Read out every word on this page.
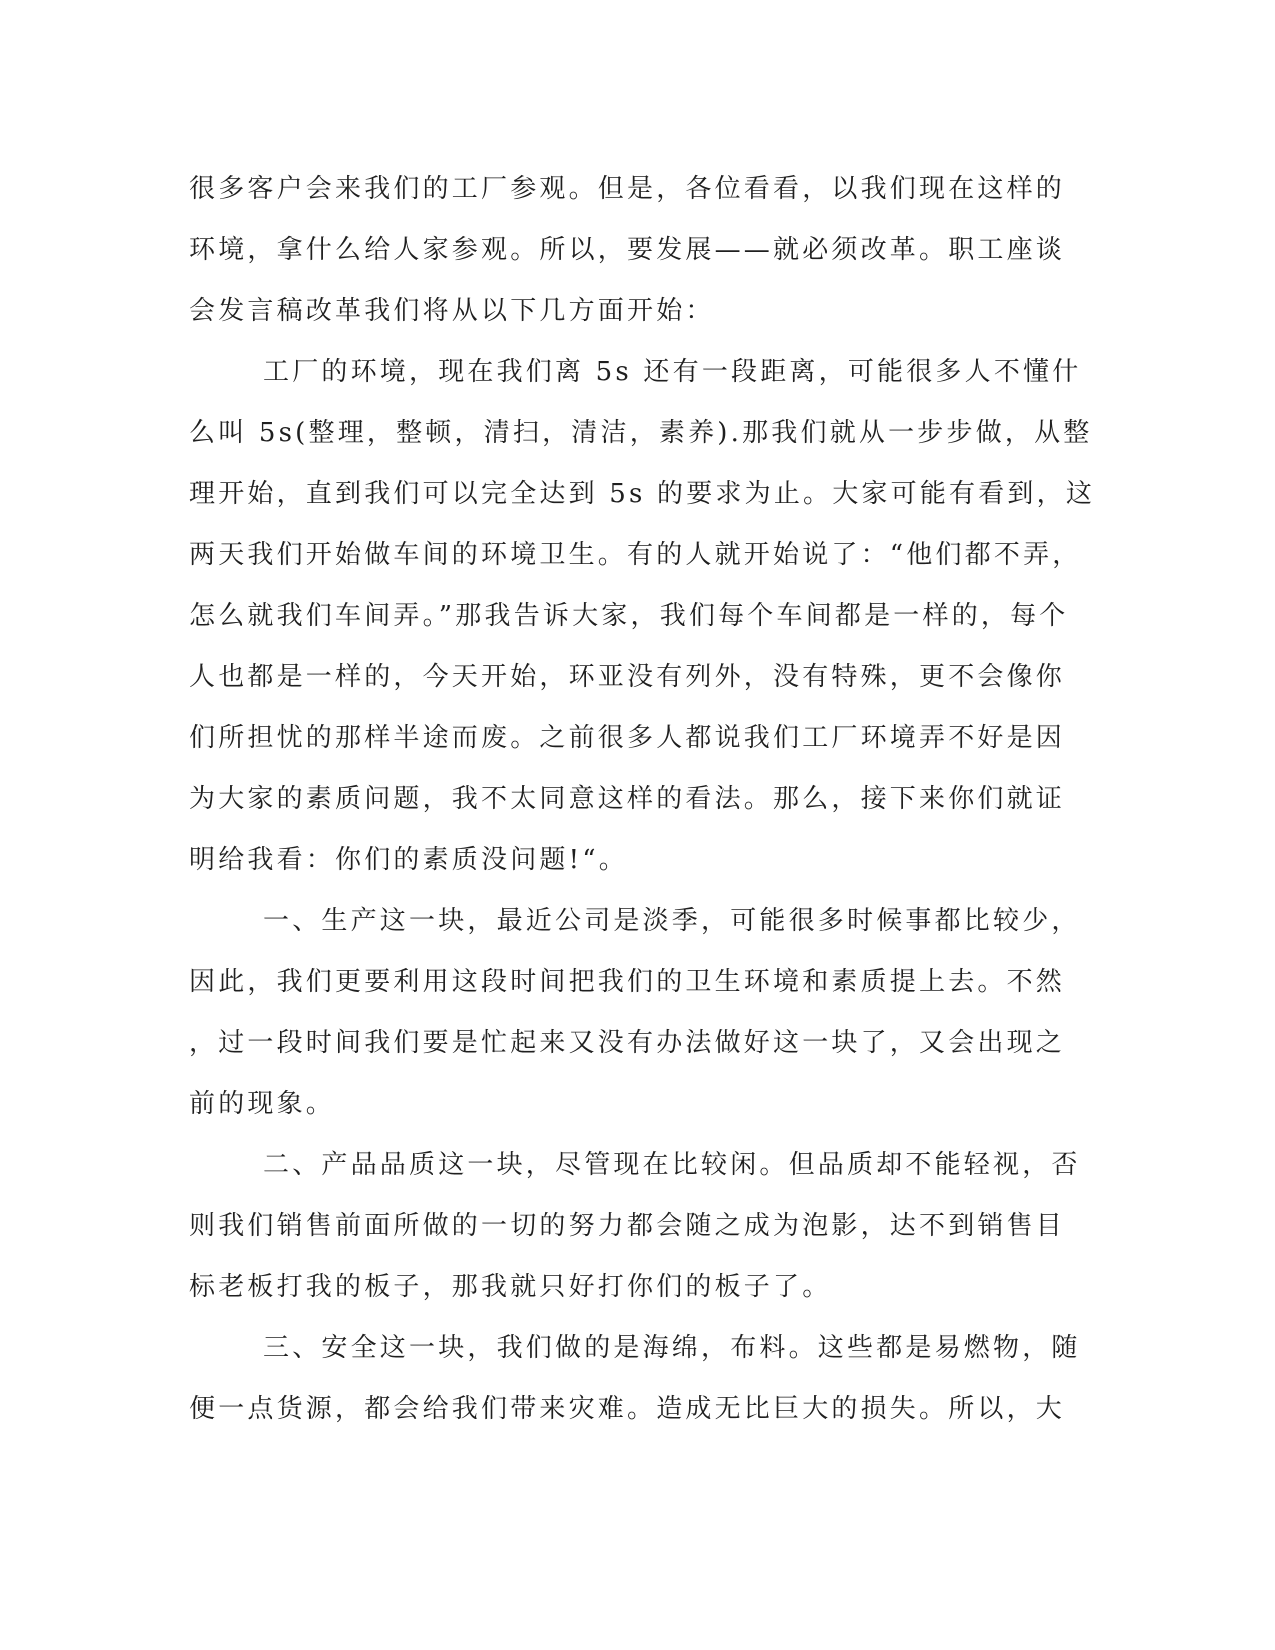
很多客户会来我们的工厂参观。但是，各位看看，以我们现在这样的
环境，拿什么给人家参观。所以，要发展——就必须改革。职工座谈
会发言稿改革我们将从以下几方面开始：
工厂的环境，现在我们离 5s 还有一段距离，可能很多人不懂什
么叫 5s(整理，整顿，清扫，清洁，素养).那我们就从一步步做，从整
理开始，直到我们可以完全达到 5s 的要求为止。大家可能有看到，这
两天我们开始做车间的环境卫生。有的人就开始说了：“他们都不弄，
怎么就我们车间弄。”那我告诉大家，我们每个车间都是一样的，每个
人也都是一样的，今天开始，环亚没有列外，没有特殊，更不会像你
们所担忧的那样半途而废。之前很多人都说我们工厂环境弄不好是因
为大家的素质问题，我不太同意这样的看法。那么，接下来你们就证
明给我看：你们的素质没问题!“。
一、生产这一块，最近公司是淡季，可能很多时候事都比较少，
因此，我们更要利用这段时间把我们的卫生环境和素质提上去。不然
，过一段时间我们要是忙起来又没有办法做好这一块了，又会出现之
前的现象。
二、产品品质这一块，尽管现在比较闲。但品质却不能轻视，否
则我们销售前面所做的一切的努力都会随之成为泡影，达不到销售目
标老板打我的板子，那我就只好打你们的板子了。
三、安全这一块，我们做的是海绵，布料。这些都是易燃物，随
便一点货源，都会给我们带来灾难。造成无比巨大的损失。所以，大
